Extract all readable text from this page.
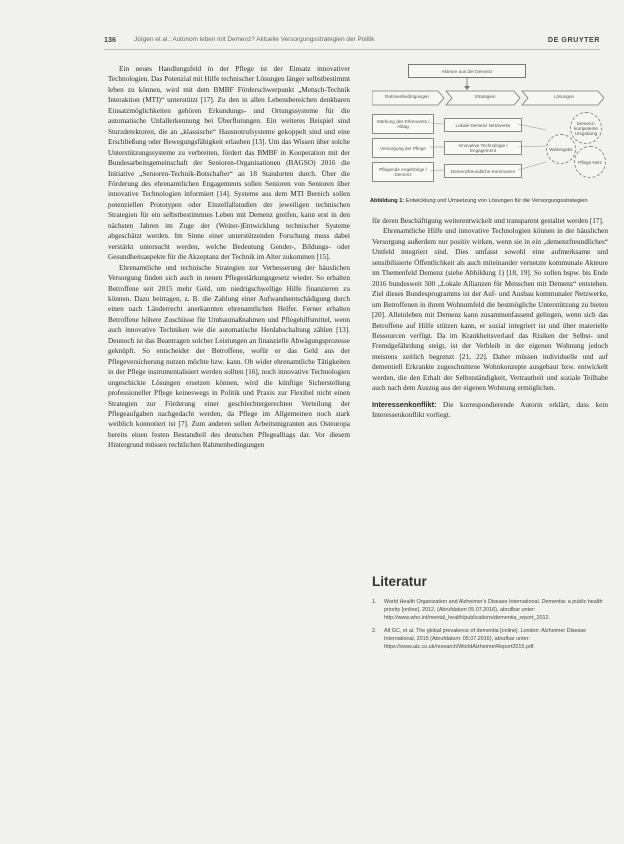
136	Jürgen et al.: Autonom leben mit Demenz? Aktuelle Versorgungsstrategien der Politik	DE GRUYTER

Ein neues Handlungsfeld in der Pflege ist der Einsatz innovativer Technologien. Das Potenzial mit Hilfe technischer Lösungen länger selbstbestimmt leben zu können, wird mit dem BMBF Förderschwerpunkt „Mensch-Technik Interaktion (MTI)“ unterstützt [17]. Zu den in allen Lebensbereichen denkbaren Einsatzmöglichkeiten gehören Erkundungs- und Ortungssysteme für die automatische Unfallerkennung bei Überflutungen. Ein weiteres Beispiel sind Sturzdetektoren, die an „klassische“ Hausnotrufsysteme gekoppelt sind und eine Erschließung oder Bewegungsfähigkeit erlauben [13]. Um das Wissen über solche Unterstützungssysteme zu verbreiten, fördert das BMBF in Kooperation mit der Bundesarbeitsgemeinschaft der Senioren-Organisationen (BAGSO) 2016 die Initiative „Senioren-Technik-Botschafter“ an 18 Standorten durch. Über die Förderung des ehrenamtlichen Engagements sollen Senioren von Senioren über innovative Technologien informiert [14]. Systeme aus dem MTI Bereich sollen potenziellen Prototypen oder Einzelfallstudien der jeweiligen technischen Strategien für ein selbstbestimmtes Leben mit Demenz greifen, kann erst in den nächsten Jahren im Zuge der (Weiter-)Entwicklung technischer Systeme abgeschätzt werden. Im Sinne einer unterstützenden Forschung muss dabei verstärkt untersucht werden, welche Bedeutung Gender-, Bildungs- oder Gesundheitsaspekte für die Akzeptanz der Technik im Alter zukommen [15].

Ehrenamtliche und technische Strategien zur Verbesserung der häuslichen Versorgung finden sich auch in neuen Pflegestärkungsgesetz wieder. So erhalten Betroffene seit 2015 mehr Geld, um niedrigschwellige Hilfe finanzieren zu können. Dazu beitragen, z. B. die Zahlung einer Aufwandsentschädigung durch einen nach Länderrecht anerkannten ehrenamtlichen Helfer. Ferner erhalten Betroffene höhere Zuschüsse für Umbaumaßnahmen und Pflegehilfsmittel, wenn auch innovative Techniken wie die automatische Herdabschaltung zählen [13]. Dennoch ist das Beantragen solcher Leistungen an finanzielle Abwägungsprozesse geknüpft. So entscheidet der Betroffene, wofür er das Geld aus der Pflegeversicherung nutzen möchte bzw. kann. Ob wider ehrenamtliche Tätigkeiten in der Pflege instrumentalisiert werden sollten [16], noch innovative Technologien ungeschickte Lösungen ersetzen können, wird die künftige Sicherstellung professioneller Pflege keineswegs in Politik und Praxis zur Flexibel nicht einen Strategien zur Förderung einer geschlechtergerechten Verteilung der Pflegeaufgaben nachgedacht werden, da Pflege im Allgemeinen noch stark weiblich konnotiert ist [7]. Zum anderen sollen Arbeitsmigranten aus Osteuropa bereits einen festen Bestandteil des deutschen Pflegealltags dar. Vor diesem Hintergrund müssen rechtlichen Rahmenbedingungen

Akteure aus der Demenz
Rahmenbedingungen	Strategien	Lösungen
Stärkung des Ehrenamts / Alltag
Versorgung der Pflege
Pflegende Angehörige / Demenz
Lokale Demenz Netzwerke
Innovative Technologie / Engagement
Demenzfreundliche Kommunen
Demenz-kompetente Umgebung
Weitergabe
Pflege Netz
Abbildung 1: Entwicklung und Umsetzung von Lösungen für die Versorgungsstrategien

für deren Beschäftigung weiterentwickelt und transparent gestaltet werden [17].

Ehrenamtliche Hilfe und innovative Technologien können in der häuslichen Versorgung außerdem nur positiv wirken, wenn sie in ein „demenzfreundliches“ Umfeld integriert sind. Dies umfasst sowohl eine aufmerksame und sensibilisierte Öffentlichkeit als auch miteinander vernetzte kommunale Akteure im Themenfeld Demenz (siehe Abbildung 1) [18, 19]. So sollen bspw. bis Ende 2016 bundesweit 500 „Lokale Allianzen für Menschen mit Demenz“ entstehen. Ziel dieses Bundesprogramms ist der Auf- und Ausbau kommunaler Netzwerke, um Betroffenen in ihrem Wohnumfeld die bestmögliche Unterstützung zu bieten [20]. Alleinleben mit Demenz kann zusammenfassend gelingen, wenn sich das Betroffene auf Hilfe stützen kann, er sozial integriert ist und über materielle Ressourcen verfügt. Da im Krankheitsverlauf das Risiken der Selbst- und Fremdgefährdung steigt, ist der Verbleib in der eigenen Wohnung jedoch meistens zeitlich begrenzt [21, 22]. Daher müssen individuelle und auf dementiell Erkrankte zugeschnittene Wohnkonzepte ausgebaut bzw. entwickelt werden, die den Erhalt der Selbstständigkeit, Vertrautheit und soziale Teilhabe auch nach dem Auszug aus der eigenen Wohnung ermöglichen.

Interessenkonflikt: Die korrespondierende Autorin erklärt, dass kein Interessenkonflikt vorliegt.

Literatur
1. World Health Organization and Alzheimer's Disease International. Dementia: a public health priority [online]. 2012, (Abrufdatum 05.07.2016), abrufbar unter: http://www.who.int/mental_health/publications/dementia_report_2012.
2. Alt GC, et al. The global prevalence of dementia [online]. London: Alzheimer Disease International, 2015 (Abrufdatum: 05.07.2016), abrufbar unter: https://www.alz.co.uk/research/WorldAlzheimerReport2015.pdf.
